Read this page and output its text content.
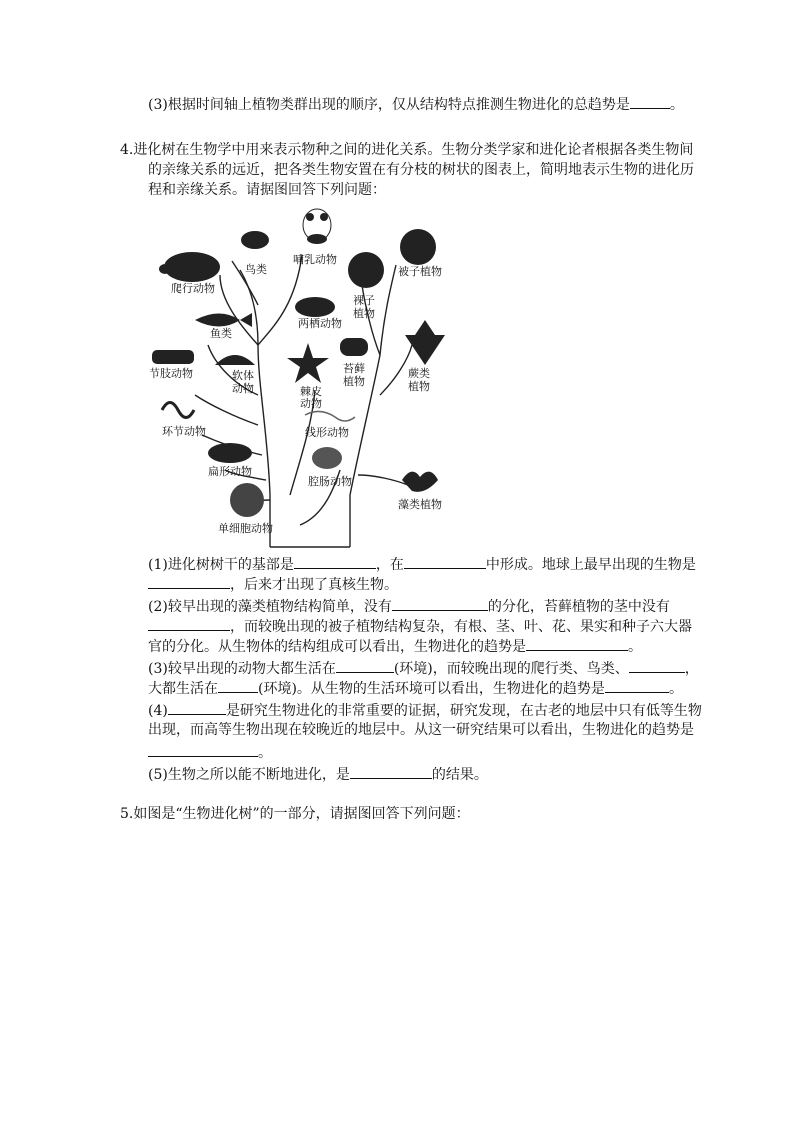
(3)根据时间轴上植物类群出现的顺序，仅从结构特点推测生物进化的总趋势是	。
4.进化树在生物学中用来表示物种之间的进化关系。生物分类学家和进化论者根据各类生物间
的亲缘关系的远近，把各类生物安置在有分枝的树状的图表上，简明地表示生物的进化历
程和亲缘关系。请据图回答下列问题：
鸟类
哺乳动物
被子植物
爬行动物
裸子
植物
鱼类
两栖动物
节肢动物	软体
动物
苔藓
植物
蕨类
植物
棘皮
动物
环节动物	线形动物
扁形动物
腔肠动物
藻类植物
单细胞动物
(1)进化树树干的基部是	，在	中形成。地球上最早出现的生物是
，后来才出现了真核生物。
(2)较早出现的藻类植物结构简单，没有	的分化，苔藓植物的茎中没有
，而较晚出现的被子植物结构复杂，有根、茎、叶、花、果实和种子六大器
官的分化。从生物体的结构组成可以看出，生物进化的趋势是	。
(3)较早出现的动物大都生活在	(环境)，而较晚出现的爬行类、鸟类、	，
大都生活在	(环境)。从生物的生活环境可以看出，生物进化的趋势是	。
(4)	是研究生物进化的非常重要的证据，研究发现，在古老的地层中只有低等生物
出现，而高等生物出现在较晚近的地层中。从这一研究结果可以看出，生物进化的趋势是
。
(5)生物之所以能不断地进化，是	的结果。
5.如图是“生物进化树”的一部分，请据图回答下列问题：
